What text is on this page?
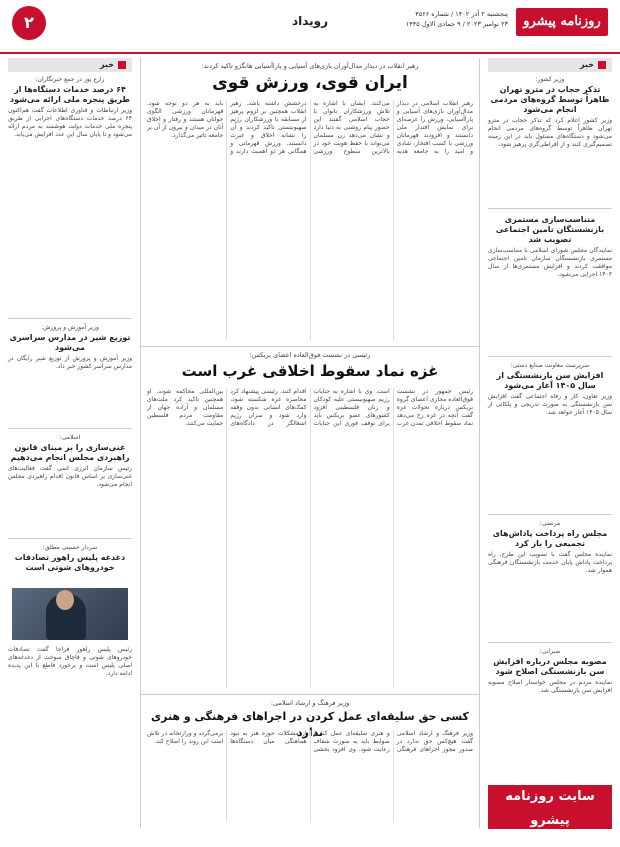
روزنامه پیشرو
پنجشنبه ۲ آذر ۱۴۰۲ / شماره ۴۵۶۶
۲۳ نوامبر ۲۰۲۳ / ۹ جمادی الاول ۱۴۴۵
رویداد
۲
خبر
وزیر کشور:
تذکر حجاب در مترو تهران ظاهراً توسط گروه‌های مردمی انجام می‌شود
وزیر کشور اعلام کرد که تذکر حجاب در مترو تهران ظاهراً توسط گروه‌های مردمی انجام می‌شود و دستگاه‌های مسئول باید در این زمینه تصمیم‌گیری کنند و از افراطی‌گری پرهیز شود.
متناسب‌سازی مستمری بازنشستگان تامین اجتماعی تصویب شد
نمایندگان مجلس شورای اسلامی با متناسب‌سازی مستمری بازنشستگان سازمان تامین اجتماعی موافقت کردند و افزایش مستمری‌ها از سال ۱۴۰۳ اجرایی می‌شود.
سرپرست معاونت صنایع دستی:
افزایش سن بازنشستگی از سال ۱۴۰۵ آغاز می‌شود
وزیر تعاون، کار و رفاه اجتماعی گفت افزایش سن بازنشستگی به صورت تدریجی و پلکانی از سال ۱۴۰۵ آغاز خواهد شد.
مرتضی:
مجلس راه پرداخت پاداش‌های تجمیعی را باز کرد
نماینده مجلس گفت با تصویب این طرح، راه پرداخت پاداش پایان خدمت بازنشستگان فرهنگی هموار شد.
صبرانی:
مصوبه مجلس درباره افزایش سن بازنشستگی اصلاح شود
نماینده مردم در مجلس خواستار اصلاح مصوبه افزایش سن بازنشستگی شد.
سایت روزنامه پیشرو
www.Pishrodaily.ir
رهبر انقلاب در دیدار مدال‌آوران بازی‌های آسیایی و پاراآسیایی هانگژو تاکید کردند:
ایران قوی، ورزش قوی
رهبر انقلاب اسلامی در دیدار مدال‌آوران بازی‌های آسیایی و پاراآسیایی، ورزش را عرصه‌ای برای نمایش اقتدار ملی دانستند و افزودند قهرمانان ورزشی با کسب افتخار، شادی و امید را به جامعه هدیه می‌کنند. ایشان با اشاره به تلاش ورزشکاران بانوان با حجاب اسلامی گفتند این حضور پیام روشنی به دنیا دارد و نشان می‌دهد زن مسلمان می‌تواند با حفظ هویت خود در بالاترین سطوح ورزشی درخشش داشته باشد. رهبر انقلاب همچنین بر لزوم پرهیز از مسابقه با ورزشکاران رژیم صهیونیستی تاکید کردند و آن را نشانه اخلاق و غیرت دانستند. ورزش قهرمانی و همگانی هر دو اهمیت دارند و باید به هر دو توجه شود. قهرمانان ورزشی الگوی جوانان هستند و رفتار و اخلاق آنان در میدان و بیرون از آن بر جامعه تاثیر می‌گذارد.
رئیسی در نشست فوق‌العاده اعضای بریکس:
غزه نماد سقوط اخلاقی غرب است
رئیس جمهور در نشست فوق‌العاده مجازی اعضای گروه بریکس درباره تحولات غزه گفت آنچه در غزه رخ می‌دهد نماد سقوط اخلاقی تمدن غرب است. وی با اشاره به جنایات رژیم صهیونیستی علیه کودکان و زنان فلسطینی افزود کشورهای عضو بریکس باید برای توقف فوری این جنایات اقدام کنند. رئیسی پیشنهاد کرد محاصره غزه شکسته شود، کمک‌های انسانی بدون وقفه وارد شود و سران رژیم اشغالگر در دادگاه‌های بین‌المللی محاکمه شوند. او همچنین تاکید کرد ملت‌های مسلمان و آزاده جهان از مقاومت مردم فلسطین حمایت می‌کنند.
وزیر فرهنگ و ارشاد اسلامی:
کسی حق سلیقه‌ای عمل کردن در اجراهای فرهنگی و هنری ندارد	وزیر فرهنگ و ارشاد اسلامی گفت هیچ‌کس حق ندارد در صدور مجوز اجراهای فرهنگی و هنری سلیقه‌ای عمل کند و ضوابط باید به صورت شفاف رعایت شود. وی افزود بخشی از مشکلات حوزه هنر به نبود هماهنگی میان دستگاه‌ها برمی‌گردد و وزارتخانه در تلاش است این روند را اصلاح کند.
خبر
زارع پور در جمع خبرنگاران:
۶۴ درصد خدمات دستگاه‌ها از طریق پنجره ملی ارائه می‌شود
وزیر ارتباطات و فناوری اطلاعات گفت هم‌اکنون ۶۴ درصد خدمات دستگاه‌های اجرایی از طریق پنجره ملی خدمات دولت هوشمند به مردم ارائه می‌شود و تا پایان سال این عدد افزایش می‌یابد.
وزیر آموزش و پرورش:
توزیع شیر در مدارس سراسری می‌شود
وزیر آموزش و پرورش از توزیع شیر رایگان در مدارس سراسر کشور خبر داد.
اسلامی:
غنی‌سازی را بر مبنای قانون راهبردی مجلس انجام می‌دهیم
رئیس سازمان انرژی اتمی گفت فعالیت‌های غنی‌سازی بر اساس قانون اقدام راهبردی مجلس انجام می‌شود.
سردار حسینی مطلق:
دغدغه پلیس راهور تصادفات خودروهای شوتی است
رئیس پلیس راهور فراجا گفت تصادفات خودروهای شوتی و قاچاق سوخت از دغدغه‌های اصلی پلیس است و برخورد قاطع با این پدیده ادامه دارد.
